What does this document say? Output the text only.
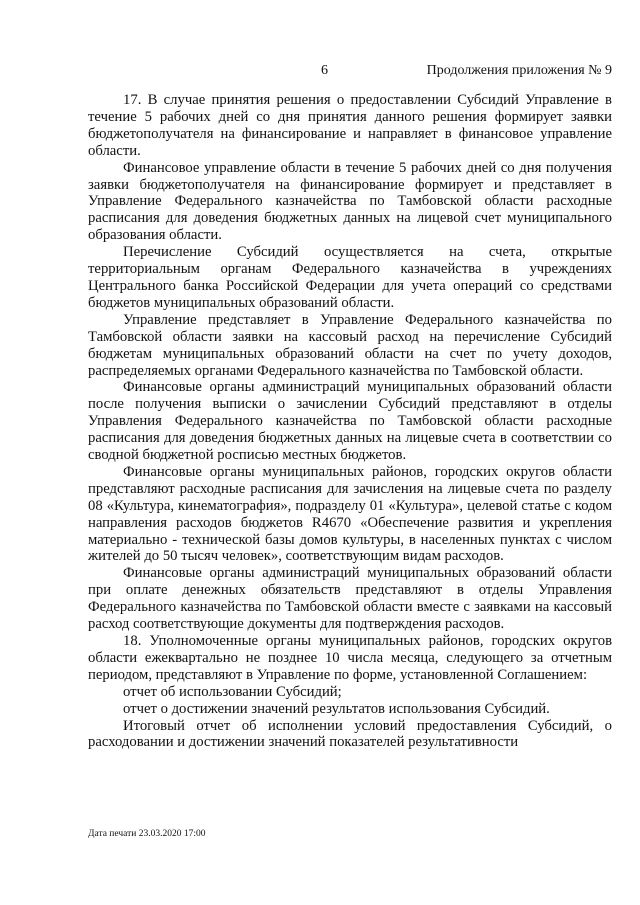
6	Продолжения приложения № 9

17. В случае принятия решения о предоставлении Субсидий Управление в течение 5 рабочих дней со дня принятия данного решения формирует заявки бюджетополучателя на финансирование и направляет в финансовое управление области.

Финансовое управление области в течение 5 рабочих дней со дня получения заявки бюджетополучателя на финансирование формирует и представляет в Управление Федерального казначейства по Тамбовской области расходные расписания для доведения бюджетных данных на лицевой счет муниципального образования области.

Перечисление Субсидий осуществляется на счета, открытые территориальным органам Федерального казначейства в учреждениях Центрального банка Российской Федерации для учета операций со средствами бюджетов муниципальных образований области.

Управление представляет в Управление Федерального казначейства по Тамбовской области заявки на кассовый расход на перечисление Субсидий бюджетам муниципальных образований области на счет по учету доходов, распределяемых органами Федерального казначейства по Тамбовской области.

Финансовые органы администраций муниципальных образований области после получения выписки о зачислении Субсидий представляют в отделы Управления Федерального казначейства по Тамбовской области расходные расписания для доведения бюджетных данных на лицевые счета в соответствии со сводной бюджетной росписью местных бюджетов.

Финансовые органы муниципальных районов, городских округов области представляют расходные расписания для зачисления на лицевые счета по разделу 08 «Культура, кинематография», подразделу 01 «Культура», целевой статье с кодом направления расходов бюджетов R4670 «Обеспечение развития и укрепления материально - технической базы домов культуры, в населенных пунктах с числом жителей до 50 тысяч человек», соответствующим видам расходов.

Финансовые органы администраций муниципальных образований области при оплате денежных обязательств представляют в отделы Управления Федерального казначейства по Тамбовской области вместе с заявками на кассовый расход соответствующие документы для подтверждения расходов.

18. Уполномоченные органы муниципальных районов, городских округов области ежеквартально не позднее 10 числа месяца, следующего за отчетным периодом, представляют в Управление по форме, установленной Соглашением:

отчет об использовании Субсидий;

отчет о достижении значений результатов использования Субсидий.

Итоговый отчет об исполнении условий предоставления Субсидий, о расходовании и достижении значений показателей результативности

Дата печати 23.03.2020 17:00
